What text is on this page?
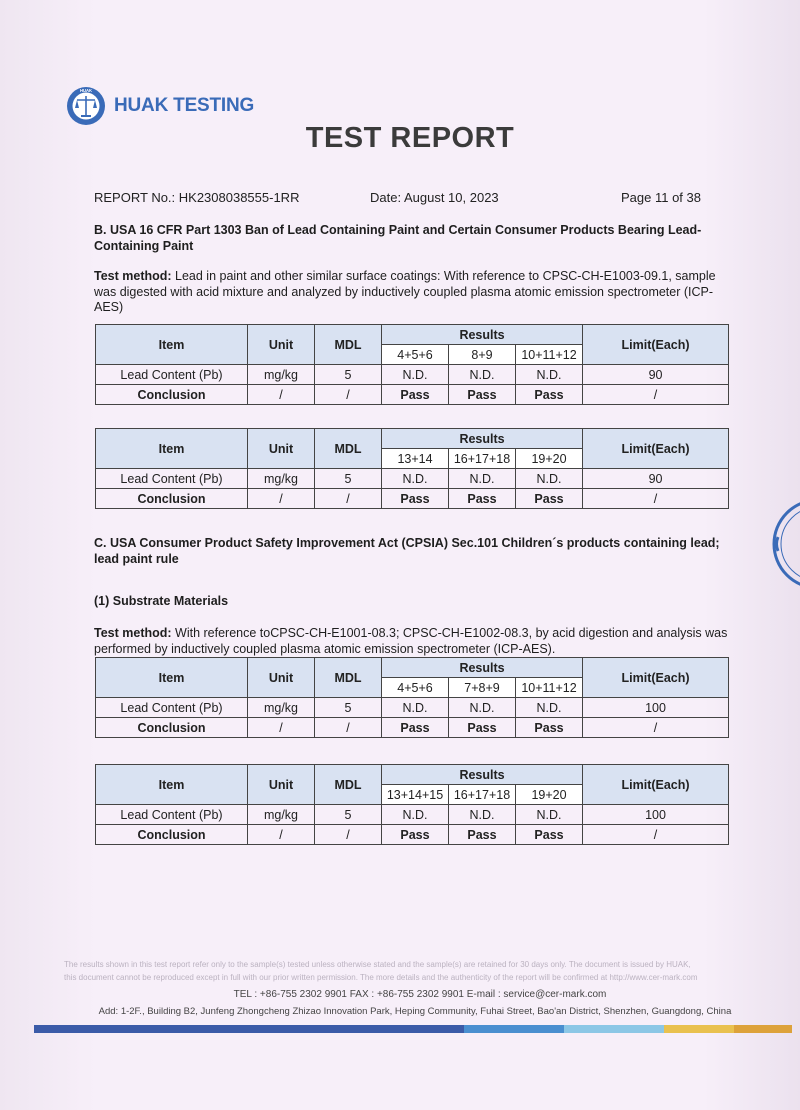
HUAK
HUAK TESTING
TEST REPORT
REPORT No.: HK2308038555-1RR	Date: August 10, 2023	Page 11 of 38
B. USA 16 CFR Part 1303 Ban of Lead Containing Paint and Certain Consumer Products Bearing Lead- Containing Paint
Test method: Lead in paint and other similar surface coatings: With reference to CPSC-CH-E1003-09.1, sample was digested with acid mixture and analyzed by inductively coupled plasma atomic emission spectrometer (ICP-AES)
Item	Unit	MDL	Results			Limit(Each)
			4+5+6	8+9	10+11+12	
Lead Content (Pb)	mg/kg	5	N.D.	N.D.	N.D.	90
Conclusion	/	/	Pass	Pass	Pass	/
Item	Unit	MDL	Results			Limit(Each)
			13+14	16+17+18	19+20	
Lead Content (Pb)	mg/kg	5	N.D.	N.D.	N.D.	90
Conclusion	/	/	Pass	Pass	Pass	/
C. USA Consumer Product Safety Improvement Act (CPSIA) Sec.101 Children´s products containing lead; lead paint rule
(1) Substrate Materials
Test method: With reference toCPSC-CH-E1001-08.3; CPSC-CH-E1002-08.3, by acid digestion and analysis was performed by inductively coupled plasma atomic emission spectrometer (ICP-AES).
Item	Unit	MDL	Results			Limit(Each)
			4+5+6	7+8+9	10+11+12	
Lead Content (Pb)	mg/kg	5	N.D.	N.D.	N.D.	100
Conclusion	/	/	Pass	Pass	Pass	/
Item	Unit	MDL	Results			Limit(Each)
			13+14+15	16+17+18	19+20	
Lead Content (Pb)	mg/kg	5	N.D.	N.D.	N.D.	100
Conclusion	/	/	Pass	Pass	Pass	/
The results shown in this test report refer only to the sample(s) tested unless otherwise stated and the sample(s) are retained for 30 days only. The document is issued by HUAK,
this document cannot be reproduced except in full with our prior written permission. The more details and the authenticity of the report will be confirmed at http://www.cer-mark.com
TEL : +86-755 2302 9901 FAX : +86-755 2302 9901 E-mail : service@cer-mark.com
Add: 1-2F., Building B2, Junfeng Zhongcheng Zhizao Innovation Park, Heping Community, Fuhai Street, Bao'an District, Shenzhen, Guangdong, China
